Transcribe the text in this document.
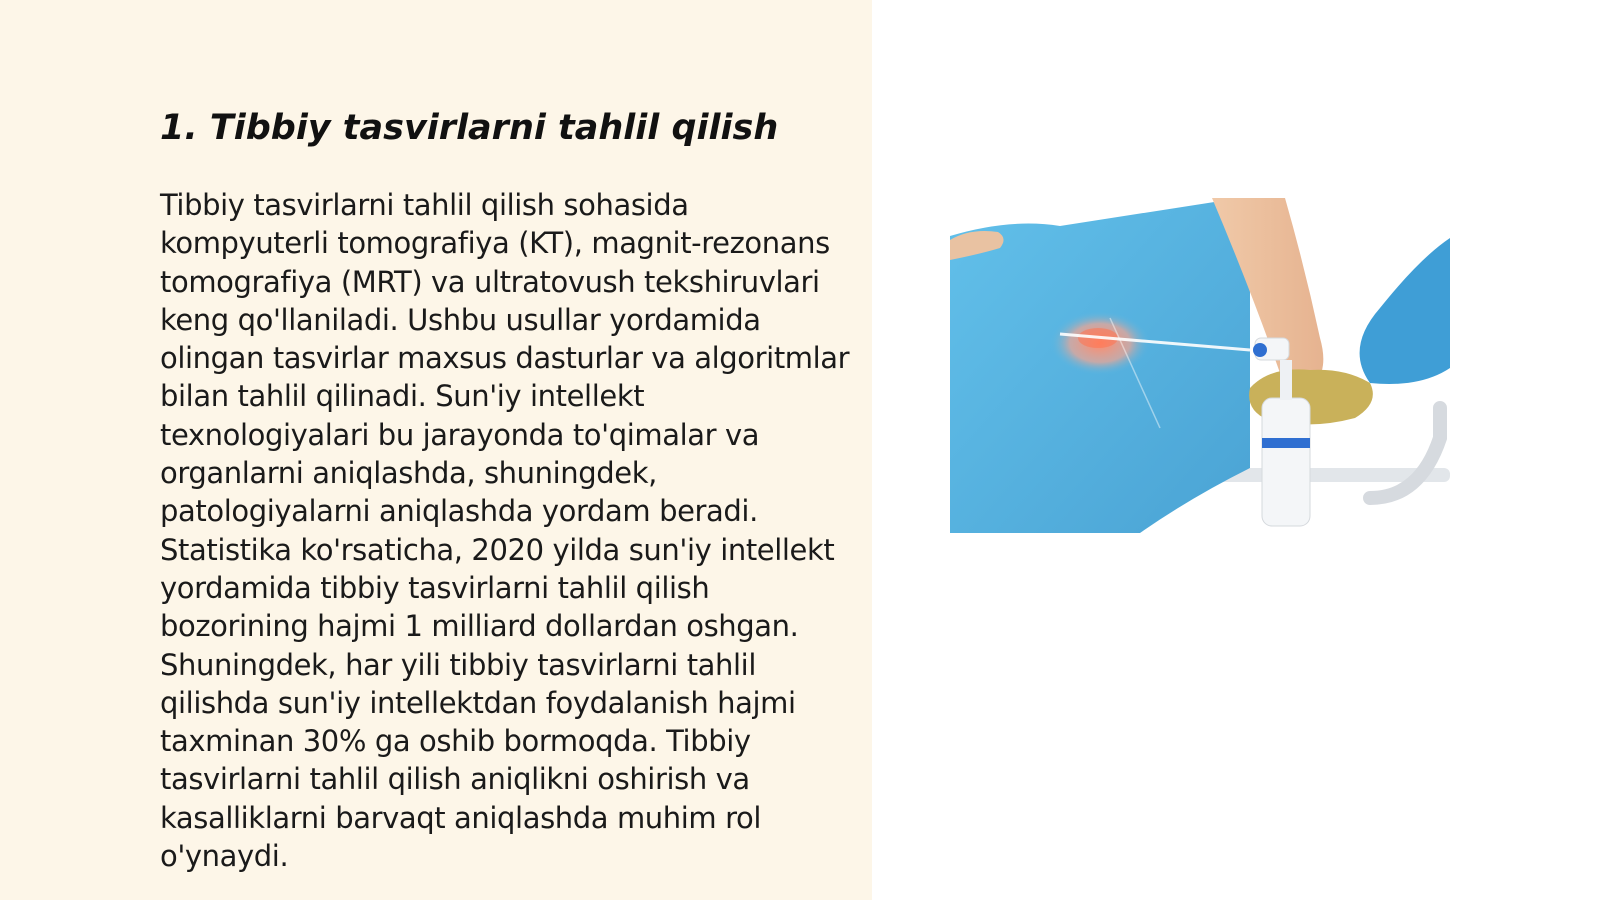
1. Tibbiy tasvirlarni tahlil qilish

Tibbiy tasvirlarni tahlil qilish sohasida kompyuterli tomografiya (KT), magnit-rezonans tomografiya (MRT) va ultratovush tekshiruvlari keng qo'llaniladi. Ushbu usullar yordamida olingan tasvirlar maxsus dasturlar va algoritmlar bilan tahlil qilinadi. Sun'iy intellekt texnologiyalari bu jarayonda to'qimalar va organlarni aniqlashda, shuningdek, patologiyalarni aniqlashda yordam beradi. Statistika ko'rsaticha, 2020 yilda sun'iy intellekt yordamida tibbiy tasvirlarni tahlil qilish bozorining hajmi 1 milliard dollardan oshgan. Shuningdek, har yili tibbiy tasvirlarni tahlil qilishda sun'iy intellektdan foydalanish hajmi taxminan 30% ga oshib bormoqda. Tibbiy tasvirlarni tahlil qilish aniqlikni oshirish va kasalliklarni barvaqt aniqlashda muhim rol o'ynaydi.
